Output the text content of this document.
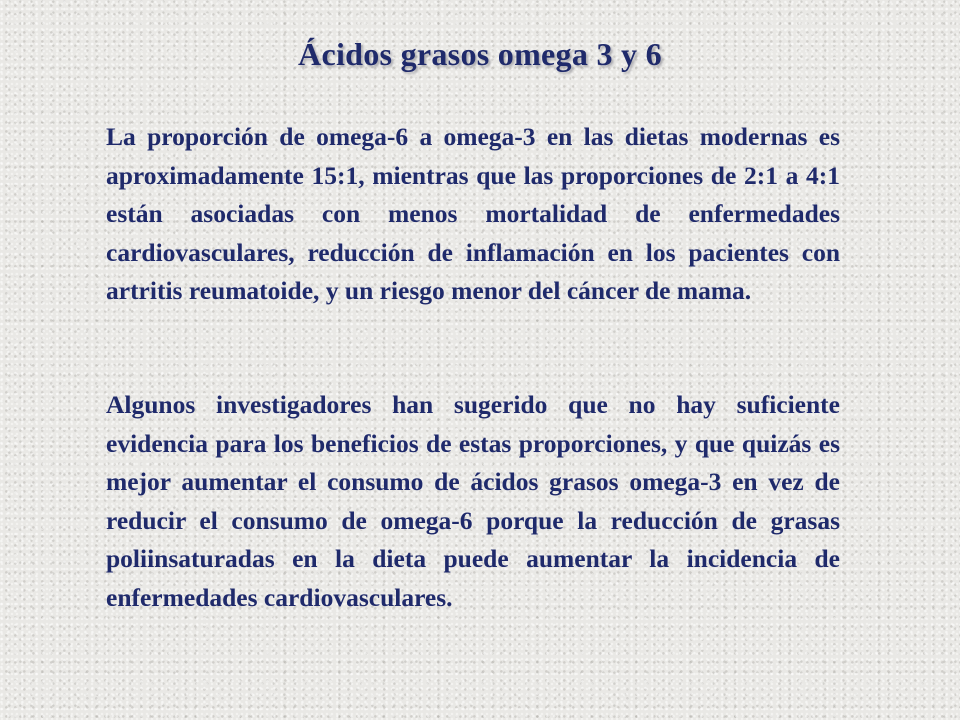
Ácidos grasos omega 3 y 6

La proporción de omega-6 a omega-3 en las dietas modernas es aproximadamente 15:1, mientras que las proporciones de 2:1 a 4:1 están asociadas con menos mortalidad de enfermedades cardiovasculares, reducción de inflamación en los pacientes con artritis reumatoide, y un riesgo menor del cáncer de mama.

Algunos investigadores han sugerido que no hay suficiente evidencia para los beneficios de estas proporciones, y que quizás es mejor aumentar el consumo de ácidos grasos omega-3 en vez de reducir el consumo de omega-6 porque la reducción de grasas poliinsaturadas en la dieta puede aumentar la incidencia de enfermedades cardiovasculares.
